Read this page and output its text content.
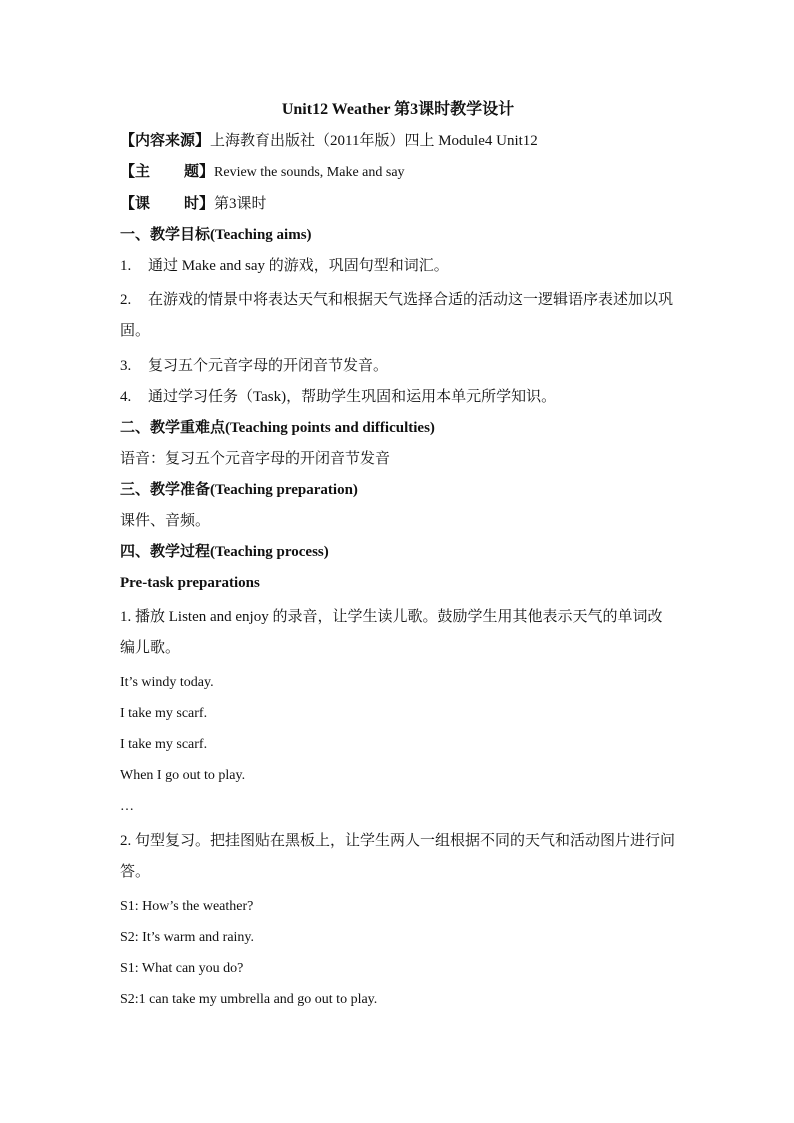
Unit12 Weather 第3课时教学设计
【内容来源】上海教育出版社（2011年版）四上 Module4 Unit12
【主 题】Review the sounds, Make and say
【课 时】第3课时
一、教学目标(Teaching aims)
1. 通过 Make and say 的游戏，巩固句型和词汇。
2. 在游戏的情景中将表达天气和根据天气选择合适的活动这一逻辑语序表述加以巩固。
3. 复习五个元音字母的开闭音节发音。
4. 通过学习任务（Task)，帮助学生巩固和运用本单元所学知识。
二、教学重难点(Teaching points and difficulties)
语音：复习五个元音字母的开闭音节发音
三、教学准备(Teaching preparation)
课件、音频。
四、教学过程(Teaching process)
Pre-task preparations
1. 播放 Listen and enjoy 的录音，让学生读儿歌。鼓励学生用其他表示天气的单词改编儿歌。
It’s windy today.
I take my scarf.
I take my scarf.
When I go out to play.
…
2. 句型复习。把挂图贴在黑板上，让学生两人一组根据不同的天气和活动图片进行问答。
S1: How’s the weather?
S2: It’s warm and rainy.
S1: What can you do?
S2:1 can take my umbrella and go out to play.
